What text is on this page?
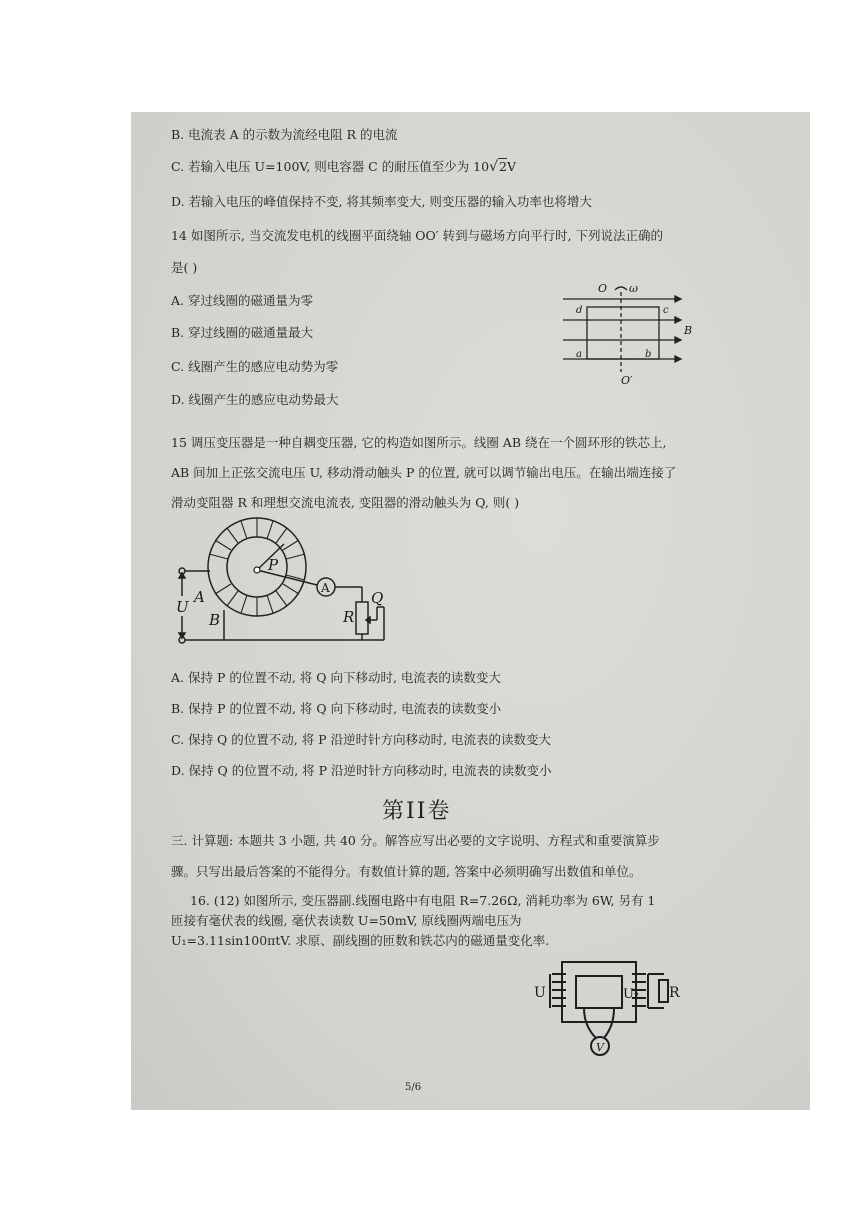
B. 电流表 A 的示数为流经电阻 R 的电流
C. 若输入电压 U=100V, 则电容器 C 的耐压值至少为 10√2V
D. 若输入电压的峰值保持不变, 将其频率变大, 则变压器的输入功率也将增大
14 如图所示, 当交流发电机的线圈平面绕轴 OO′ 转到与磁场方向平行时, 下列说法正确的
是( )
A. 穿过线圈的磁通量为零
B. 穿过线圈的磁通量最大
C. 线圈产生的感应电动势为零
D. 线圈产生的感应电动势最大
O ω
d	c
a	b
B
O′
15 调压变压器是一种自耦变压器, 它的构造如图所示。线圈 AB 绕在一个圆环形的铁芯上,
AB 间加上正弦交流电压 U, 移动滑动触头 P 的位置, 就可以调节输出电压。在输出端连接了
滑动变阻器 R 和理想交流电流表, 变阻器的滑动触头为 Q, 则( )
P
A
Q
R
U
A
B
A. 保持 P 的位置不动, 将 Q 向下移动时, 电流表的读数变大
B. 保持 P 的位置不动, 将 Q 向下移动时, 电流表的读数变小
C. 保持 Q 的位置不动, 将 P 沿逆时针方向移动时, 电流表的读数变大
D. 保持 Q 的位置不动, 将 P 沿逆时针方向移动时, 电流表的读数变小
第II卷
三. 计算题: 本题共 3 小题, 共 40 分。解答应写出必要的文字说明、方程式和重要演算步
骤。只写出最后答案的不能得分。有数值计算的题, 答案中必须明确写出数值和单位。
16. (12) 如图所示, 变压器副.线圈电路中有电阻 R=7.26Ω, 消耗功率为 6W, 另有 1
匝接有毫伏表的线圈, 毫伏表读数 U=50mV, 原线圈两端电压为
U₁=3.11sin100πtV. 求原、副线圈的匝数和铁芯内的磁通量变化率.
U	U₂ R
V
5/6
